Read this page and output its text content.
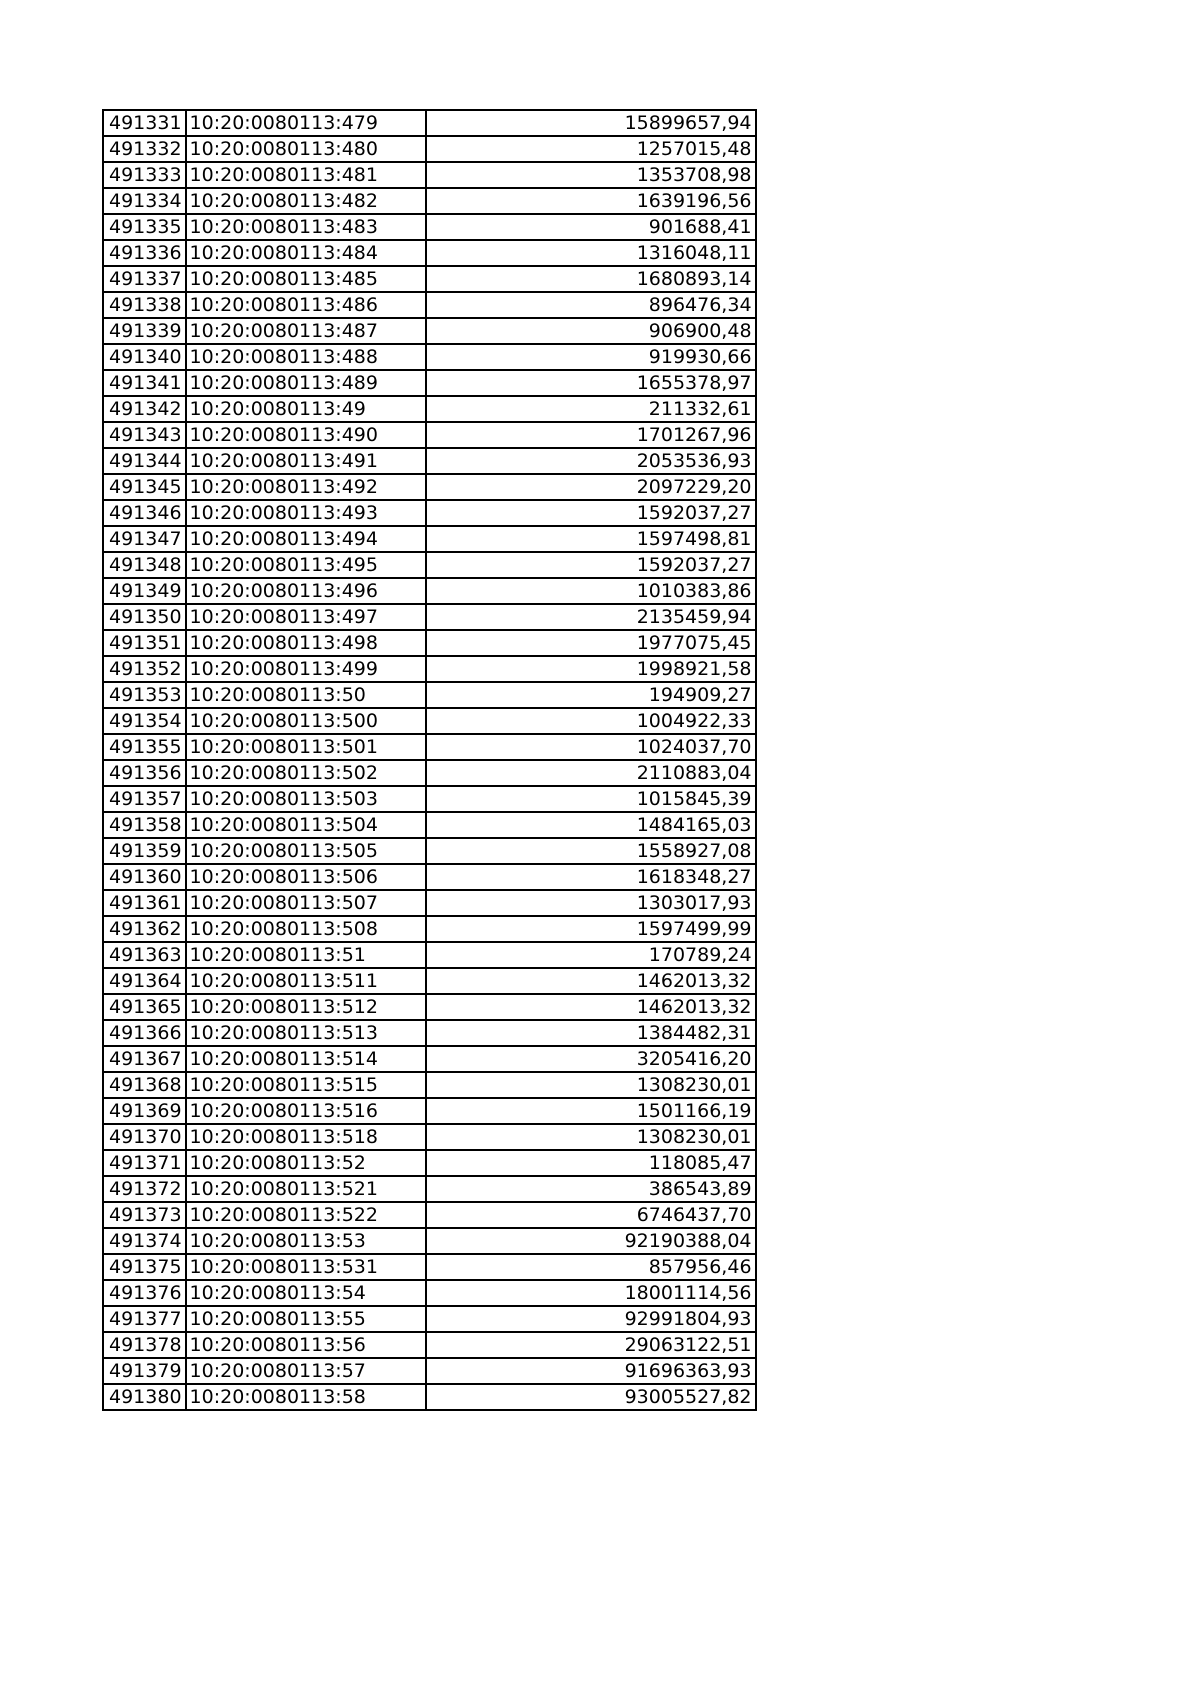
491331	10:20:0080113:479	15899657,94
491332	10:20:0080113:480	1257015,48
491333	10:20:0080113:481	1353708,98
491334	10:20:0080113:482	1639196,56
491335	10:20:0080113:483	901688,41
491336	10:20:0080113:484	1316048,11
491337	10:20:0080113:485	1680893,14
491338	10:20:0080113:486	896476,34
491339	10:20:0080113:487	906900,48
491340	10:20:0080113:488	919930,66
491341	10:20:0080113:489	1655378,97
491342	10:20:0080113:49	211332,61
491343	10:20:0080113:490	1701267,96
491344	10:20:0080113:491	2053536,93
491345	10:20:0080113:492	2097229,20
491346	10:20:0080113:493	1592037,27
491347	10:20:0080113:494	1597498,81
491348	10:20:0080113:495	1592037,27
491349	10:20:0080113:496	1010383,86
491350	10:20:0080113:497	2135459,94
491351	10:20:0080113:498	1977075,45
491352	10:20:0080113:499	1998921,58
491353	10:20:0080113:50	194909,27
491354	10:20:0080113:500	1004922,33
491355	10:20:0080113:501	1024037,70
491356	10:20:0080113:502	2110883,04
491357	10:20:0080113:503	1015845,39
491358	10:20:0080113:504	1484165,03
491359	10:20:0080113:505	1558927,08
491360	10:20:0080113:506	1618348,27
491361	10:20:0080113:507	1303017,93
491362	10:20:0080113:508	1597499,99
491363	10:20:0080113:51	170789,24
491364	10:20:0080113:511	1462013,32
491365	10:20:0080113:512	1462013,32
491366	10:20:0080113:513	1384482,31
491367	10:20:0080113:514	3205416,20
491368	10:20:0080113:515	1308230,01
491369	10:20:0080113:516	1501166,19
491370	10:20:0080113:518	1308230,01
491371	10:20:0080113:52	118085,47
491372	10:20:0080113:521	386543,89
491373	10:20:0080113:522	6746437,70
491374	10:20:0080113:53	92190388,04
491375	10:20:0080113:531	857956,46
491376	10:20:0080113:54	18001114,56
491377	10:20:0080113:55	92991804,93
491378	10:20:0080113:56	29063122,51
491379	10:20:0080113:57	91696363,93
491380	10:20:0080113:58	93005527,82
